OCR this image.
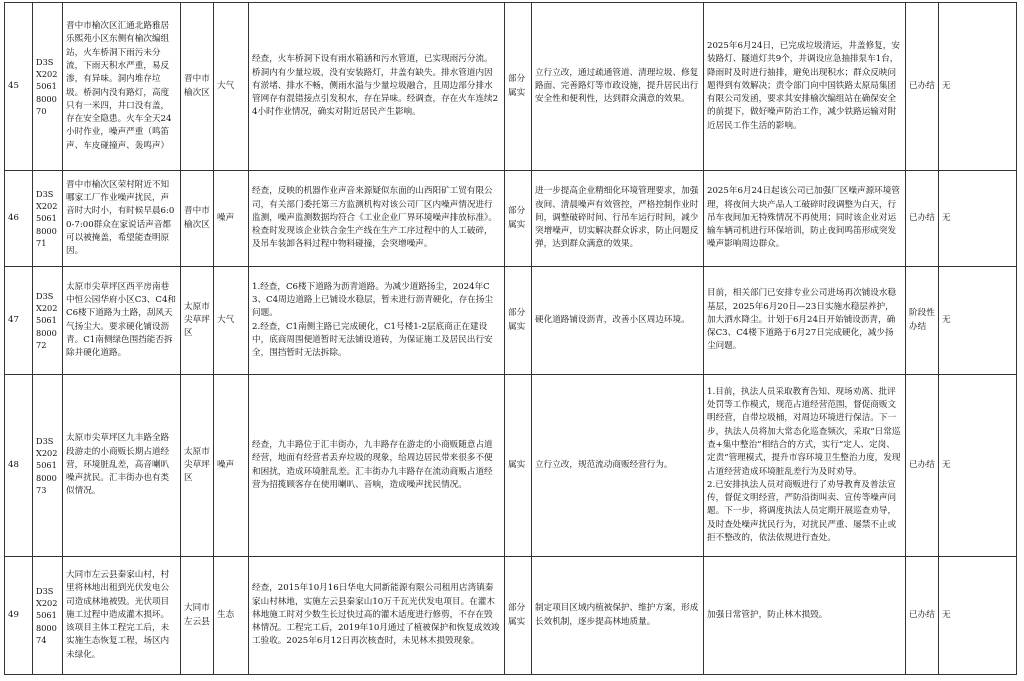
45	D3SX2025061800070	晋中市榆次区汇通北路雅居乐熙苑小区东侧有榆次编组站，火车桥洞下雨污未分流，下雨天积水严重，易反渗，有异味。洞内堆存垃圾。桥洞内没有路灯，高度只有一米四，井口没有盖，存在安全隐患。火车全天24小时作业，噪声严重（鸣笛声、车皮碰撞声、轰鸣声）	晋中市榆次区	大气	经查，火车桥洞下设有雨水箱涵和污水管道，已实现雨污分流。桥洞内有少量垃圾，没有安装路灯，井盖有缺失。排水管道内因有淤堵、排水不畅，侧雨水溢与少量垃圾融合，且周边部分排水管网存有混错接点引发积水，存在异味。经调查，存在火车连续24小时作业情况，确实对附近居民产生影响。	部分属实	立行立改，通过疏通管道、清理垃圾、修复路面、完善路灯等市政设施，提升居民出行安全性和便利性，达到群众满意的效果。	2025年6月24日，已完成垃圾清运，井盖修复，安装路灯、隧道灯共9个，并调设应急抽排泵车1台，降雨时及时进行抽排，避免出现积水；群众反映问题得到有效解决；责令部门向中国铁路太原局集团有限公司发函，要求其安排榆次编组站在确保安全的前提下，做好噪声防治工作，减少铁路运输对附近居民工作生活的影响。	已办结	无
46	D3SX2025061800071	晋中市榆次区荣村附近不知哪家工厂作业噪声扰民，声音时大时小，有时候早晨6:00-7:00群众在家说话声音都可以被掩盖，希望能查明原因。	晋中市榆次区	噪声	经查，反映的机器作业声音来源疑似东面的山西阳矿工贸有限公司，有关部门委托第三方监测机构对该公司厂区内噪声情况进行监测，噪声监测数据均符合《工业企业厂界环境噪声排放标准》。检查时发现该企业铁合金生产线在生产工序过程中的人工破碎，及吊车装卸各料过程中物料碰撞，会突增噪声。	部分属实	进一步提高企业精细化环境管理要求，加强夜间、清晨噪声有效管控，严格控制作业时间，调整破碎时间、行吊车运行时间，减少突增噪声，切实解决群众诉求，防止问题反弹，达到群众满意的效果。	2025年6月24日起该公司已加强厂区噪声源环境管理，将夜间大块产品人工破碎时段调整为白天，行吊车夜间加无特殊情况不再使用；同时该企业对运输车辆司机进行环保培训，防止夜间鸣笛形成突发噪声影响周边群众。	已办结	无
47	D3SX2025061800072	太原市尖草坪区西平房南巷中恒公园华府小区C3、C4和C6楼下道路为土路，刮风天气扬尘大。要求硬化铺设沥青。C1南侧绿色围挡能否拆除并硬化道路。	太原市尖草坪区	大气	1.经查，C6楼下道路为沥青道路。为减少道路扬尘，2024年C3、C4周边道路上已铺设水稳层，暂未进行沥青硬化，存在扬尘问题。
2.经查，C1南侧主路已完成硬化，C1号楼1-2层底商正在建设中，底商周围便道暂时无法铺设道砖，为保证施工及居民出行安全，围挡暂时无法拆除。	部分属实	硬化道路铺设沥青，改善小区周边环境。	目前，相关部门已安排专业公司进场再次铺设水稳基层，2025年6月20日—23日实施水稳层养护，加大洒水降尘。计划于6月24日开始铺设沥青，确保C3、C4楼下道路于6月27日完成硬化，减少扬尘问题。	阶段性办结	无
48	D3SX2025061800073	太原市尖草坪区九丰路全路段游走的小商贩长期占道经营，环境脏乱差，高音喇叭噪声扰民。汇丰街办也有类似情况。	太原市尖草坪区	噪声	经查，九丰路位于汇丰街办，九丰路存在游走的小商贩随意占道经营，地面有经营者丢弃垃圾的现象，给周边居民带来很多不便和困扰，造成环境脏乱差。汇丰街办九丰路存在流动商贩占道经营为招揽顾客存在使用喇叭、音响，造成噪声扰民情况。	属实	立行立改，规范流动商贩经营行为。	1.目前，执法人员采取教育告知、现场劝离、批评处罚等工作模式，规范占道经营范围，督促商贩文明经营，自带垃圾桶，对周边环境进行保洁。下一步，执法人员将加大常态化巡查频次，采取“日常巡查+集中整治”相结合的方式，实行“定人、定岗、定责”管理模式，提升市容环境卫生整治力度，发现占道经营造成环境脏乱差行为及时劝导。
2.已安排执法人员对商贩进行了劝导教育及普法宣传，督促文明经营，严防沿街叫卖、宣传等噪声问题。下一步，将调度执法人员定期开展巡查劝导，及时查处噪声扰民行为，对扰民严重、屡禁不止或拒不整改的，依法依规进行查处。	已办结	无
49	D3SX2025061800074	大同市左云县秦家山村，村里将林地出租到光伏发电公司造成林地被毁。光伏项目施工过程中造成灌木损坏。该项目主体工程完工后，未实施生态恢复工程，场区内未绿化。	大同市左云县	生态	经查，2015年10月16日华电大同新能源有限公司租用店湾镇秦家山村林地，实施左云县秦家山10万千瓦光伏发电项目。在灌木林地施工时对少数生长过快过高的灌木适度进行修剪，不存在毁林情况。工程完工后，2019年10月通过了植被保护和恢复成效竣工验收。2025年6月12日再次核查时，未见林木损毁现象。	部分属实	制定项目区域内植被保护、维护方案，形成长效机制，逐步提高林地质量。	加强日常管护，防止林木损毁。	已办结	无
